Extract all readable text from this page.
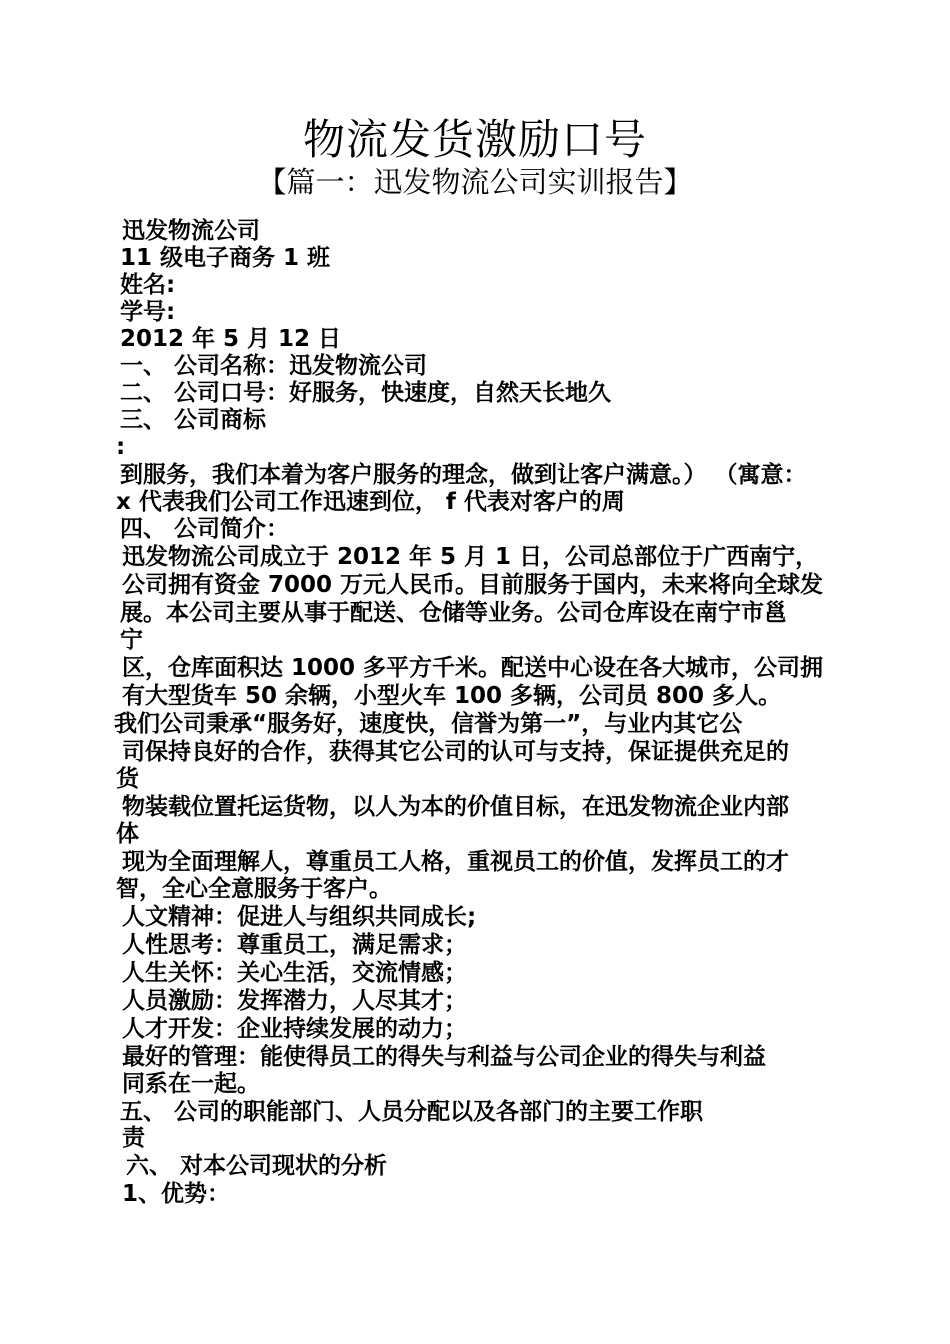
物流发货激励口号
【篇一：迅发物流公司实训报告】
迅发物流公司
11 级电子商务 1 班
姓名:
学号:
2012 年 5 月 12 日
一、 公司名称：迅发物流公司
二、 公司口号：好服务，快速度，自然天长地久
三、 公司商标
:
到服务，我们本着为客户服务的理念，做到让客户满意。） （寓意：
x 代表我们公司工作迅速到位， f 代表对客户的周
四、 公司简介：
迅发物流公司成立于 2012 年 5 月 1 日，公司总部位于广西南宁，
公司拥有资金 7000 万元人民币。目前服务于国内，未来将向全球发
展。本公司主要从事于配送、仓储等业务。公司仓库设在南宁市邕
宁
区，仓库面积达 1000 多平方千米。配送中心设在各大城市，公司拥
有大型货车 50 余辆，小型火车 100 多辆，公司员 800 多人。
我们公司秉承“服务好，速度快，信誉为第一”，与业内其它公
司保持良好的合作，获得其它公司的认可与支持，保证提供充足的
货
物装载位置托运货物，以人为本的价值目标，在迅发物流企业内部
体
现为全面理解人，尊重员工人格，重视员工的价值，发挥员工的才
智，全心全意服务于客户。
人文精神：促进人与组织共同成长;
人性思考：尊重员工，满足需求；
人生关怀：关心生活，交流情感；
人员激励：发挥潜力，人尽其才；
人才开发：企业持续发展的动力；
最好的管理：能使得员工的得失与利益与公司企业的得失与利益
同系在一起。
五、 公司的职能部门、人员分配以及各部门的主要工作职
责
六、 对本公司现状的分析
1、优势：
